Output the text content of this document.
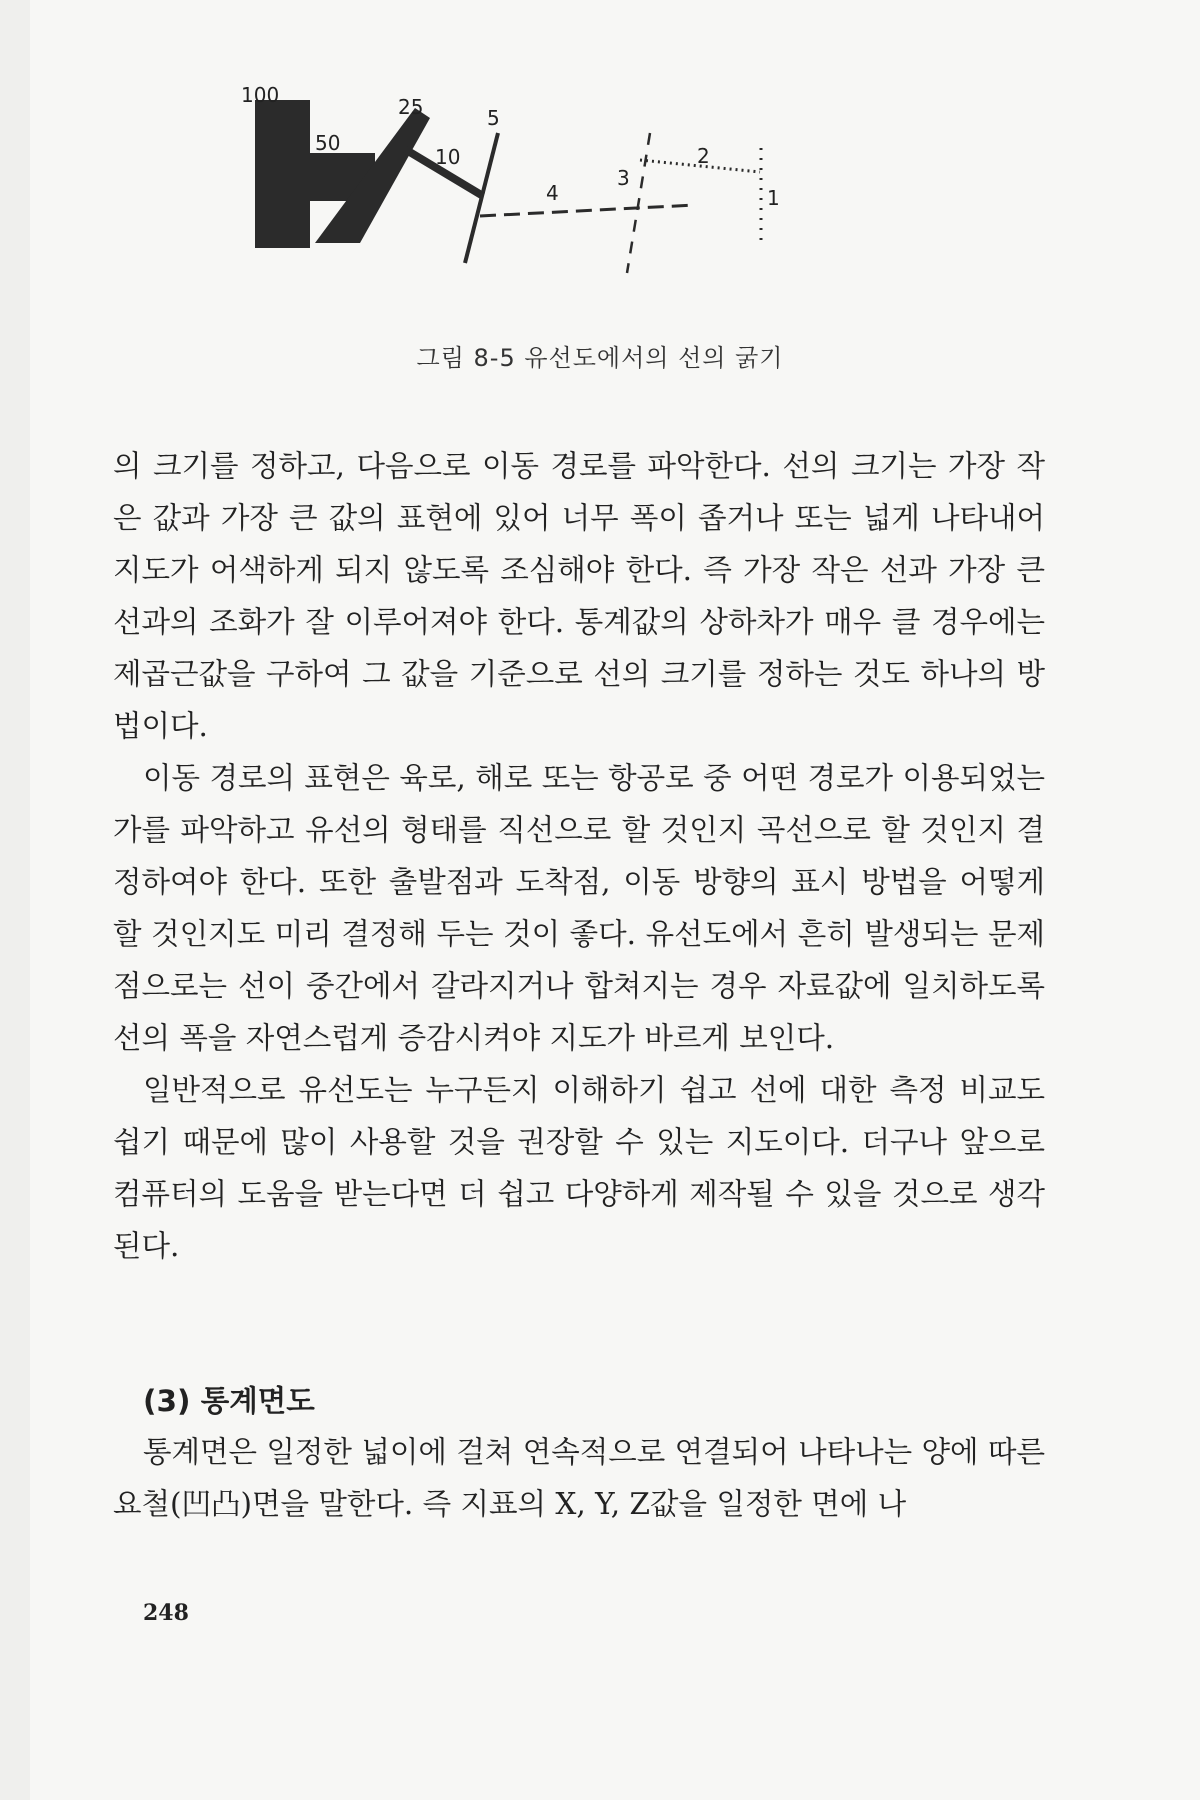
100
50
25
10
5
4
3
2
1
그림 8-5 유선도에서의 선의 굵기

의 크기를 정하고, 다음으로 이동 경로를 파악한다. 선의 크기는 가장 작은 값과 가장 큰 값의 표현에 있어 너무 폭이 좁거나 또는 넓게 나타내어 지도가 어색하게 되지 않도록 조심해야 한다. 즉 가장 작은 선과 가장 큰 선과의 조화가 잘 이루어져야 한다. 통계값의 상하차가 매우 클 경우에는 제곱근값을 구하여 그 값을 기준으로 선의 크기를 정하는 것도 하나의 방법이다.

이동 경로의 표현은 육로, 해로 또는 항공로 중 어떤 경로가 이용되었는가를 파악하고 유선의 형태를 직선으로 할 것인지 곡선으로 할 것인지 결정하여야 한다. 또한 출발점과 도착점, 이동 방향의 표시 방법을 어떻게 할 것인지도 미리 결정해 두는 것이 좋다. 유선도에서 흔히 발생되는 문제점으로는 선이 중간에서 갈라지거나 합쳐지는 경우 자료값에 일치하도록 선의 폭을 자연스럽게 증감시켜야 지도가 바르게 보인다.

일반적으로 유선도는 누구든지 이해하기 쉽고 선에 대한 측정 비교도 쉽기 때문에 많이 사용할 것을 권장할 수 있는 지도이다. 더구나 앞으로 컴퓨터의 도움을 받는다면 더 쉽고 다양하게 제작될 수 있을 것으로 생각된다.

(3) 통계면도

통계면은 일정한 넓이에 걸쳐 연속적으로 연결되어 나타나는 양에 따른 요철(凹凸)면을 말한다. 즉 지표의 X, Y, Z값을 일정한 면에 나

248
